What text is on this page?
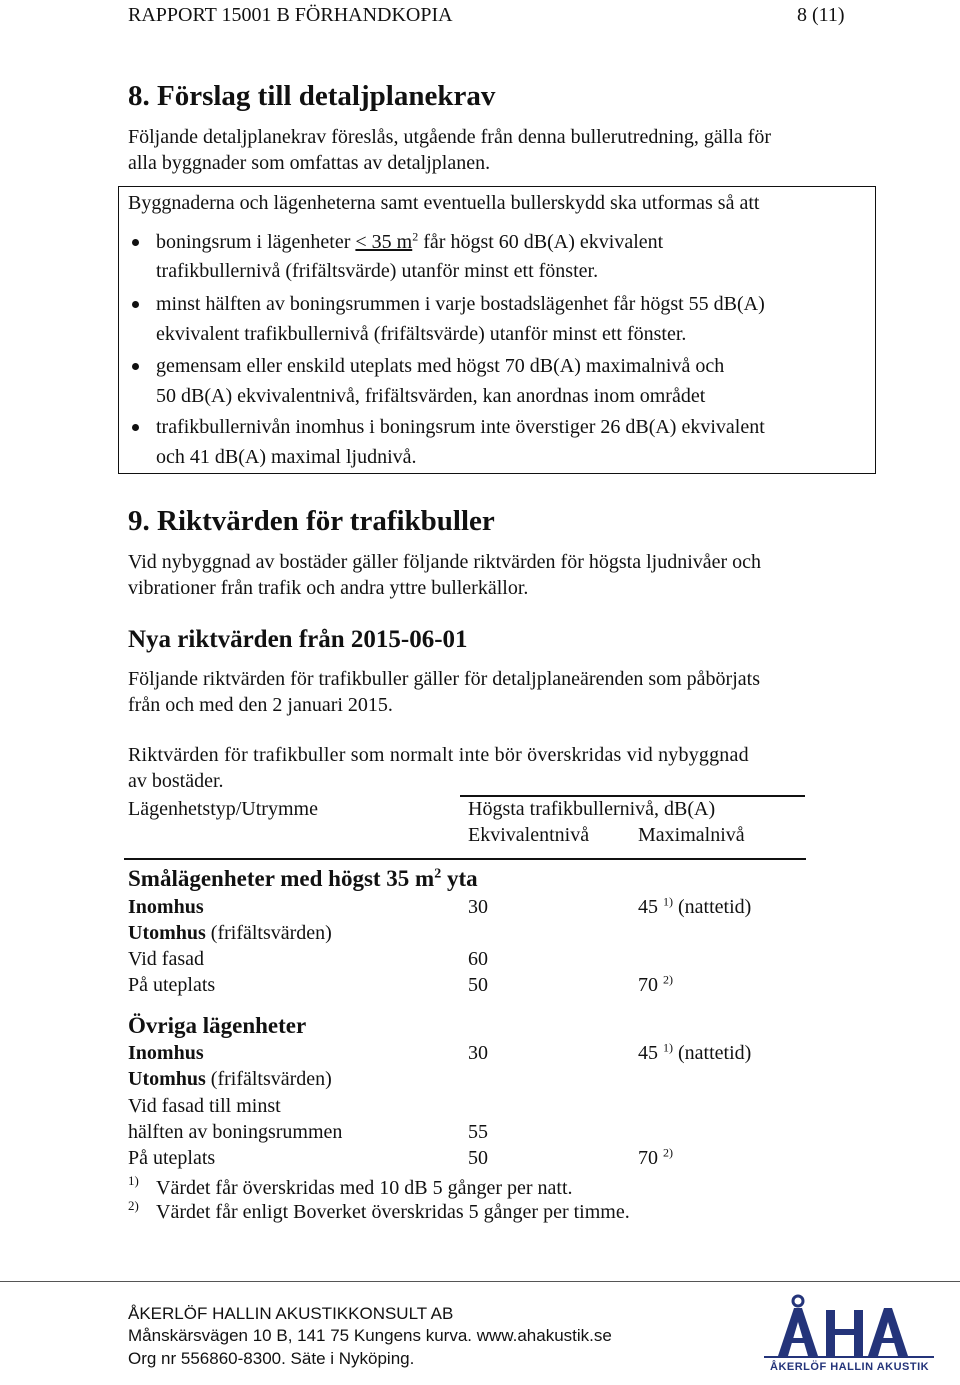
RAPPORT 15001 B FÖRHANDKOPIA	8 (11)
8. Förslag till detaljplanekrav
Följande detaljplanekrav föreslås, utgående från denna bullerutredning, gälla för
alla byggnader som omfattas av detaljplanen.
Byggnaderna och lägenheterna samt eventuella bullerskydd ska utformas så att
boningsrum i lägenheter < 35 $m^2$ får högst 60 dB(A) ekvivalent
trafikbullernivå (frifältsvärde) utanför minst ett fönster.
minst hälften av boningsrummen i varje bostadslägenhet får högst 55 dB(A)
ekvivalent trafikbullernivå (frifältsvärde) utanför minst ett fönster.
gemensam eller enskild uteplats med högst 70 dB(A) maximalnivå och
50 dB(A) ekvivalentnivå, frifältsvärden, kan anordnas inom området
trafikbullernivån inomhus i boningsrum inte överstiger 26 dB(A) ekvivalent
och 41 dB(A) maximal ljudnivå.
9. Riktvärden för trafikbuller
Vid nybyggnad av bostäder gäller följande riktvärden för högsta ljudnivåer och
vibrationer från trafik och andra yttre bullerkällor.
Nya riktvärden från 2015-06-01
Följande riktvärden för trafikbuller gäller för detaljplaneärenden som påbörjats
från och med den 2 januari 2015.
Riktvärden för trafikbuller som normalt inte bör överskridas vid nybyggnad
av bostäder.
Lägenhetstyp/Utrymme	Högsta trafikbullernivå, dB(A)
Ekvivalentnivå Maximalnivå
Smålägenheter med högst 35 $m^2$ yta
Inomhus	30	45 $^{1)}$ (nattetid)
Utomhus (frifältsvärden)
Vid fasad	60
På uteplats	50	70 $^{2)}$
Övriga lägenheter
Inomhus	30	45 $^{1)}$ (nattetid)
Utomhus (frifältsvärden)
Vid fasad till minst
hälften av boningsrummen	55
På uteplats	50	70 $^{2)}$
1) Värdet får överskridas med 10 dB 5 gånger per natt.
2) Värdet får enligt Boverket överskridas 5 gånger per timme.
ÅKERLÖF HALLIN AKUSTIKKONSULT AB
Månskärsvägen 10 B, 141 75 Kungens kurva. www.ahakustik.se
Org nr 556860-8300. Säte i Nyköping.	ÅKERLÖF HALLIN AKUSTIK
